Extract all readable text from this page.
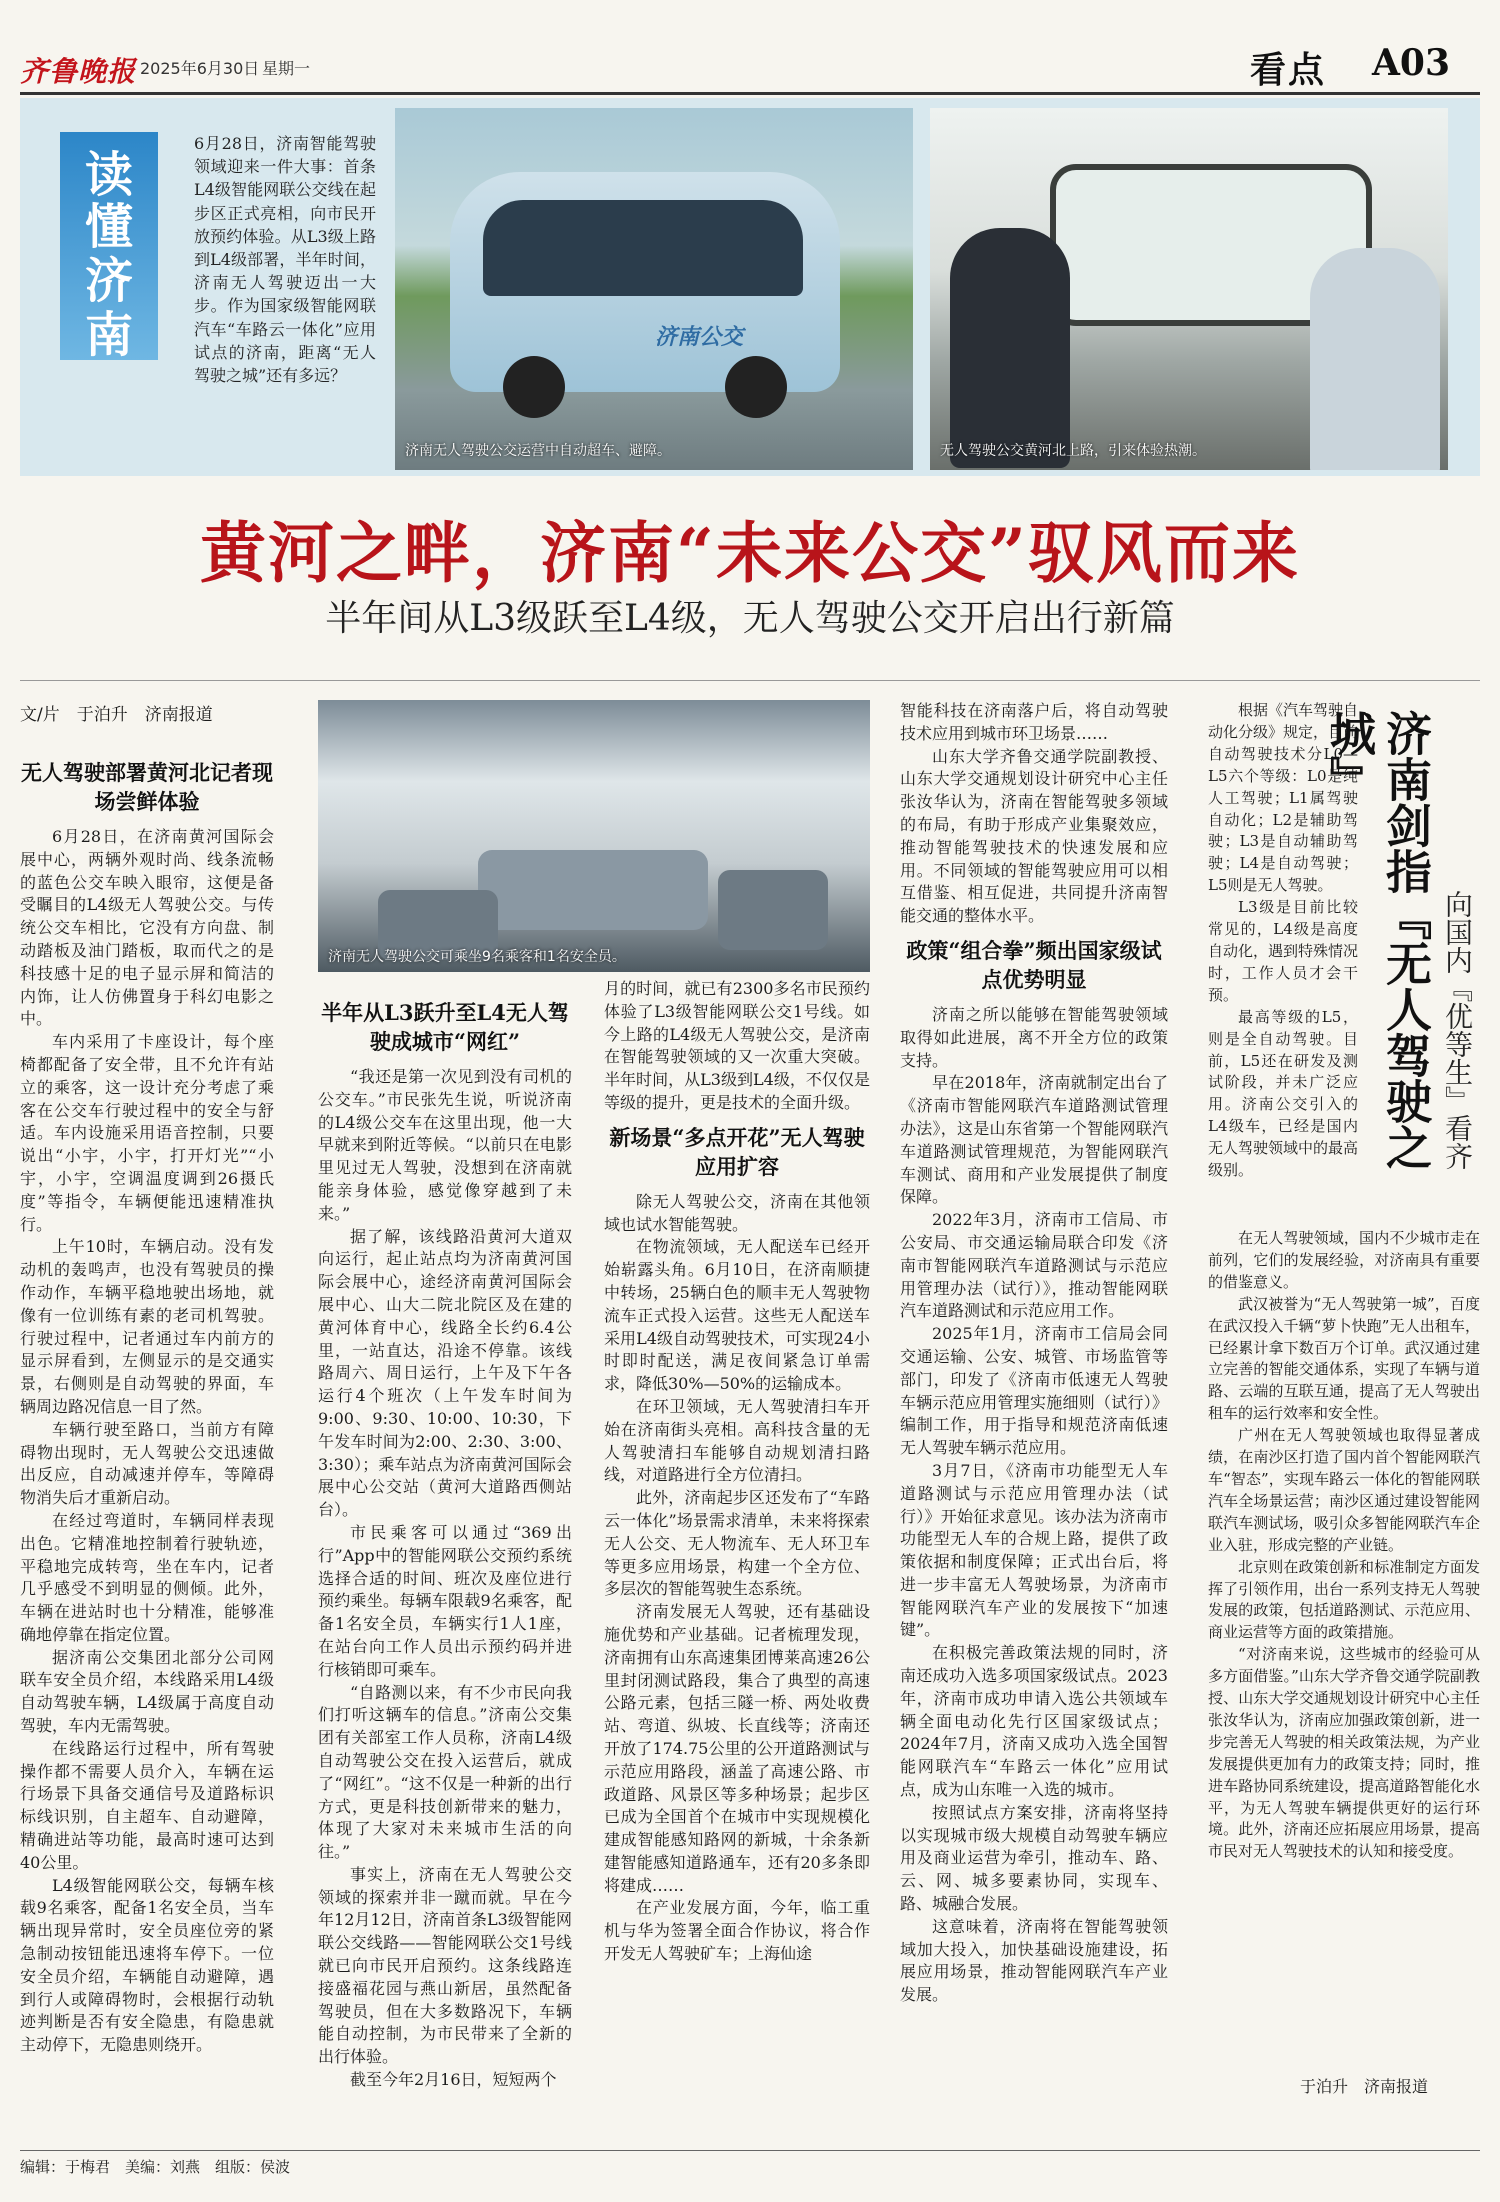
齐鲁晚报 2025年6月30日 星期一	看点 A03
读
懂
济
南
6月28日，济南智能驾驶领域迎来一件大事：首条L4级智能网联公交线在起步区正式亮相，向市民开放预约体验。从L3级上路到L4级部署，半年时间，济南无人驾驶迈出一大步。作为国家级智能网联汽车“车路云一体化”应用试点的济南，距离“无人驾驶之城”还有多远？
济南公交
济南无人驾驶公交运营中自动超车、避障。	无人驾驶公交黄河北上路，引来体验热潮。
黄河之畔，济南“未来公交”驭风而来
半年间从L3级跃至L4级，无人驾驶公交开启出行新篇
文/片　于泊升　济南报道
无人驾驶部署黄河北记者现场尝鲜体验

6月28日，在济南黄河国际会展中心，两辆外观时尚、线条流畅的蓝色公交车映入眼帘，这便是备受瞩目的L4级无人驾驶公交。与传统公交车相比，它没有方向盘、制动踏板及油门踏板，取而代之的是科技感十足的电子显示屏和简洁的内饰，让人仿佛置身于科幻电影之中。

车内采用了卡座设计，每个座椅都配备了安全带，且不允许有站立的乘客，这一设计充分考虑了乘客在公交车行驶过程中的安全与舒适。车内设施采用语音控制，只要说出“小宇，小宇，打开灯光”“小宇，小宇，空调温度调到26摄氏度”等指令，车辆便能迅速精准执行。

上午10时，车辆启动。没有发动机的轰鸣声，也没有驾驶员的操作动作，车辆平稳地驶出场地，就像有一位训练有素的老司机驾驶。行驶过程中，记者通过车内前方的显示屏看到，左侧显示的是交通实景，右侧则是自动驾驶的界面，车辆周边路况信息一目了然。

车辆行驶至路口，当前方有障碍物出现时，无人驾驶公交迅速做出反应，自动减速并停车，等障碍物消失后才重新启动。

在经过弯道时，车辆同样表现出色。它精准地控制着行驶轨迹，平稳地完成转弯，坐在车内，记者几乎感受不到明显的侧倾。此外，车辆在进站时也十分精准，能够准确地停靠在指定位置。

据济南公交集团北部分公司网联车安全员介绍，本线路采用L4级自动驾驶车辆，L4级属于高度自动驾驶，车内无需驾驶。

在线路运行过程中，所有驾驶操作都不需要人员介入，车辆在运行场景下具备交通信号及道路标识标线识别，自主超车、自动避障，精确进站等功能，最高时速可达到40公里。

L4级智能网联公交，每辆车核载9名乘客，配备1名安全员，当车辆出现异常时，安全员座位旁的紧急制动按钮能迅速将车停下。一位安全员介绍，车辆能自动避障，遇到行人或障碍物时，会根据行动轨迹判断是否有安全隐患，有隐患就主动停下，无隐患则绕开。

济南无人驾驶公交可乘坐9名乘客和1名安全员。
半年从L3跃升至L4无人驾驶成城市“网红”

“我还是第一次见到没有司机的公交车。”市民张先生说，听说济南的L4级公交车在这里出现，他一大早就来到附近等候。“以前只在电影里见过无人驾驶，没想到在济南就能亲身体验，感觉像穿越到了未来。”

据了解，该线路沿黄河大道双向运行，起止站点均为济南黄河国际会展中心，途经济南黄河国际会展中心、山大二院北院区及在建的黄河体育中心，线路全长约6.4公里，一站直达，沿途不停靠。该线路周六、周日运行，上午及下午各运行4个班次（上午发车时间为9:00、9:30、10:00、10:30，下午发车时间为2:00、2:30、3:00、3:30）；乘车站点为济南黄河国际会展中心公交站（黄河大道路西侧站台）。

市民乘客可以通过“369出行”App中的智能网联公交预约系统选择合适的时间、班次及座位进行预约乘坐。每辆车限载9名乘客，配备1名安全员，车辆实行1人1座，在站台向工作人员出示预约码并进行核销即可乘车。

“自路测以来，有不少市民向我们打听这辆车的信息。”济南公交集团有关部室工作人员称，济南L4级自动驾驶公交在投入运营后，就成了“网红”。“这不仅是一种新的出行方式，更是科技创新带来的魅力，体现了大家对未来城市生活的向往。”

事实上，济南在无人驾驶公交领域的探索并非一蹴而就。早在今年12月12日，济南首条L3级智能网联公交线路——智能网联公交1号线就已向市民开启预约。这条线路连接盛福花园与燕山新居，虽然配备驾驶员，但在大多数路况下，车辆能自动控制，为市民带来了全新的出行体验。

截至今年2月16日，短短两个

月的时间，就已有2300多名市民预约体验了L3级智能网联公交1号线。如今上路的L4级无人驾驶公交，是济南在智能驾驶领域的又一次重大突破。半年时间，从L3级到L4级，不仅仅是等级的提升，更是技术的全面升级。

新场景“多点开花”无人驾驶应用扩容

除无人驾驶公交，济南在其他领域也试水智能驾驶。

在物流领域，无人配送车已经开始崭露头角。6月10日，在济南顺捷中转场，25辆白色的顺丰无人驾驶物流车正式投入运营。这些无人配送车采用L4级自动驾驶技术，可实现24小时即时配送，满足夜间紧急订单需求，降低30%—50%的运输成本。

在环卫领域，无人驾驶清扫车开始在济南街头亮相。高科技含量的无人驾驶清扫车能够自动规划清扫路线，对道路进行全方位清扫。

此外，济南起步区还发布了“车路云一体化”场景需求清单，未来将探索无人公交、无人物流车、无人环卫车等更多应用场景，构建一个全方位、多层次的智能驾驶生态系统。

济南发展无人驾驶，还有基础设施优势和产业基础。记者梳理发现，济南拥有山东高速集团博莱高速26公里封闭测试路段，集合了典型的高速公路元素，包括三隧一桥、两处收费站、弯道、纵坡、长直线等；济南还开放了174.75公里的公开道路测试与示范应用路段，涵盖了高速公路、市政道路、风景区等多种场景；起步区已成为全国首个在城市中实现规模化建成智能感知路网的新城，十余条新建智能感知道路通车，还有20多条即将建成……

在产业发展方面，今年，临工重机与华为签署全面合作协议，将合作开发无人驾驶矿车；上海仙途

智能科技在济南落户后，将自动驾驶技术应用到城市环卫场景……

山东大学齐鲁交通学院副教授、山东大学交通规划设计研究中心主任张汝华认为，济南在智能驾驶多领域的布局，有助于形成产业集聚效应，推动智能驾驶技术的快速发展和应用。不同领域的智能驾驶应用可以相互借鉴、相互促进，共同提升济南智能交通的整体水平。

政策“组合拳”频出国家级试点优势明显

济南之所以能够在智能驾驶领域取得如此进展，离不开全方位的政策支持。

早在2018年，济南就制定出台了《济南市智能网联汽车道路测试管理办法》，这是山东省第一个智能网联汽车道路测试管理规范，为智能网联汽车测试、商用和产业发展提供了制度保障。

2022年3月，济南市工信局、市公安局、市交通运输局联合印发《济南市智能网联汽车道路测试与示范应用管理办法（试行）》，推动智能网联汽车道路测试和示范应用工作。

2025年1月，济南市工信局会同交通运输、公安、城管、市场监管等部门，印发了《济南市低速无人驾驶车辆示范应用管理实施细则（试行）》编制工作，用于指导和规范济南低速无人驾驶车辆示范应用。

3月7日，《济南市功能型无人车道路测试与示范应用管理办法（试行）》开始征求意见。该办法为济南市功能型无人车的合规上路，提供了政策依据和制度保障；正式出台后，将进一步丰富无人驾驶场景，为济南市智能网联汽车产业的发展按下“加速键”。

在积极完善政策法规的同时，济南还成功入选多项国家级试点。2023年，济南市成功申请入选公共领域车辆全面电动化先行区国家级试点；2024年7月，济南又成功入选全国智能网联汽车“车路云一体化”应用试点，成为山东唯一入选的城市。

按照试点方案安排，济南将坚持以实现城市级大规模自动驾驶车辆应用及商业运营为牵引，推动车、路、云、网、城多要素协同，实现车、路、城融合发展。

这意味着，济南将在智能驾驶领域加大投入，加快基础设施建设，拓展应用场景，推动智能网联汽车产业发展。

根据《汽车驾驶自动化分级》规定，目前自动驾驶技术分L0—L5六个等级：L0是纯人工驾驶；L1属驾驶自动化；L2是辅助驾驶；L3是自动辅助驾驶；L4是自动驾驶；L5则是无人驾驶。

L3级是目前比较常见的，L4级是高度自动化，遇到特殊情况时，工作人员才会干预。

最高等级的L5，则是全自动驾驶。目前，L5还在研发及测试阶段，并未广泛应用。济南公交引入的L4级车，已经是国内无人驾驶领域中的最高级别。

济南剑指『无人驾驶之城』
向国内『优等生』看齐

在无人驾驶领域，国内不少城市走在前列，它们的发展经验，对济南具有重要的借鉴意义。

武汉被誉为“无人驾驶第一城”，百度在武汉投入千辆“萝卜快跑”无人出租车，已经累计拿下数百万个订单。武汉通过建立完善的智能交通体系，实现了车辆与道路、云端的互联互通，提高了无人驾驶出租车的运行效率和安全性。

广州在无人驾驶领域也取得显著成绩，在南沙区打造了国内首个智能网联汽车“智态”，实现车路云一体化的智能网联汽车全场景运营；南沙区通过建设智能网联汽车测试场，吸引众多智能网联汽车企业入驻，形成完整的产业链。

北京则在政策创新和标准制定方面发挥了引领作用，出台一系列支持无人驾驶发展的政策，包括道路测试、示范应用、商业运营等方面的政策措施。

“对济南来说，这些城市的经验可从多方面借鉴。”山东大学齐鲁交通学院副教授、山东大学交通规划设计研究中心主任张汝华认为，济南应加强政策创新，进一步完善无人驾驶的相关政策法规，为产业发展提供更加有力的政策支持；同时，推进车路协同系统建设，提高道路智能化水平，为无人驾驶车辆提供更好的运行环境。此外，济南还应拓展应用场景，提高市民对无人驾驶技术的认知和接受度。

于泊升　济南报道
编辑：于梅君　美编：刘燕　组版：侯波
